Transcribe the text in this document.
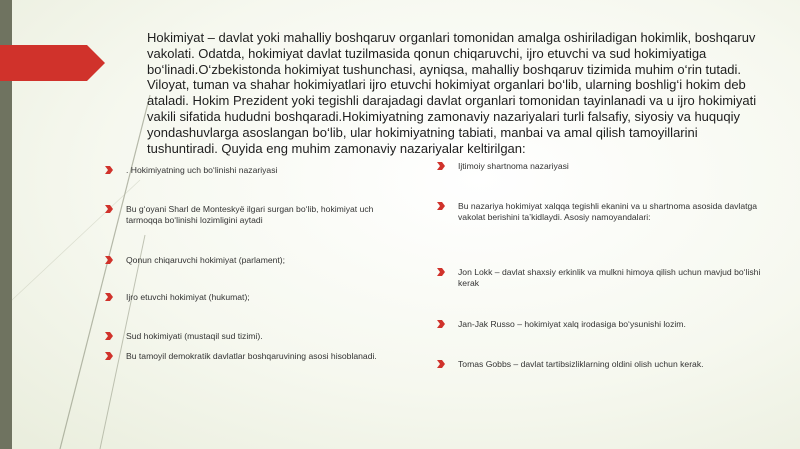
Hokimiyat – davlat yoki mahalliy boshqaruv organlari tomonidan amalga oshiriladigan hokimlik, boshqaruv vakolati. Odatda, hokimiyat davlat tuzilmasida qonun chiqaruvchi, ijro etuvchi va sud hokimiyatiga bo‘linadi.O‘zbekistonda hokimiyat tushunchasi, ayniqsa, mahalliy boshqaruv tizimida muhim o‘rin tutadi. Viloyat, tuman va shahar hokimiyatlari ijro etuvchi hokimiyat organlari bo‘lib, ularning boshlig‘i hokim deb ataladi. Hokim Prezident yoki tegishli darajadagi davlat organlari tomonidan tayinlanadi va u ijro hokimiyati vakili sifatida hududni boshqaradi.Hokimiyatning zamonaviy nazariyalari turli falsafiy, siyosiy va huquqiy yondashuvlarga asoslangan bo‘lib, ular hokimiyatning tabiati, manbai va amal qilish tamoyillarini tushuntiradi. Quyida eng muhim zamonaviy nazariyalar keltirilgan:

. Hokimiyatning uch bo‘linishi nazariyasi
Bu g‘oyani Sharl de Monteskyё ilgari surgan bo‘lib, hokimiyat uch tarmoqqa bo‘linishi lozimligini aytadi
Qonun chiqaruvchi hokimiyat (parlament);
Ijro etuvchi hokimiyat (hukumat);
Sud hokimiyati (mustaqil sud tizimi).
Bu tamoyil demokratik davlatlar boshqaruvining asosi hisoblanadi.
Ijtimoiy shartnoma nazariyasi
Bu nazariya hokimiyat xalqqa tegishli ekanini va u shartnoma asosida davlatga vakolat berishini ta’kidlaydi. Asosiy namoyandalari:
Jon Lokk – davlat shaxsiy erkinlik va mulkni himoya qilish uchun mavjud bo‘lishi kerak
Jan-Jak Russo – hokimiyat xalq irodasiga bo‘ysunishi lozim.
Tomas Gobbs – davlat tartibsizliklarning oldini olish uchun kerak.
